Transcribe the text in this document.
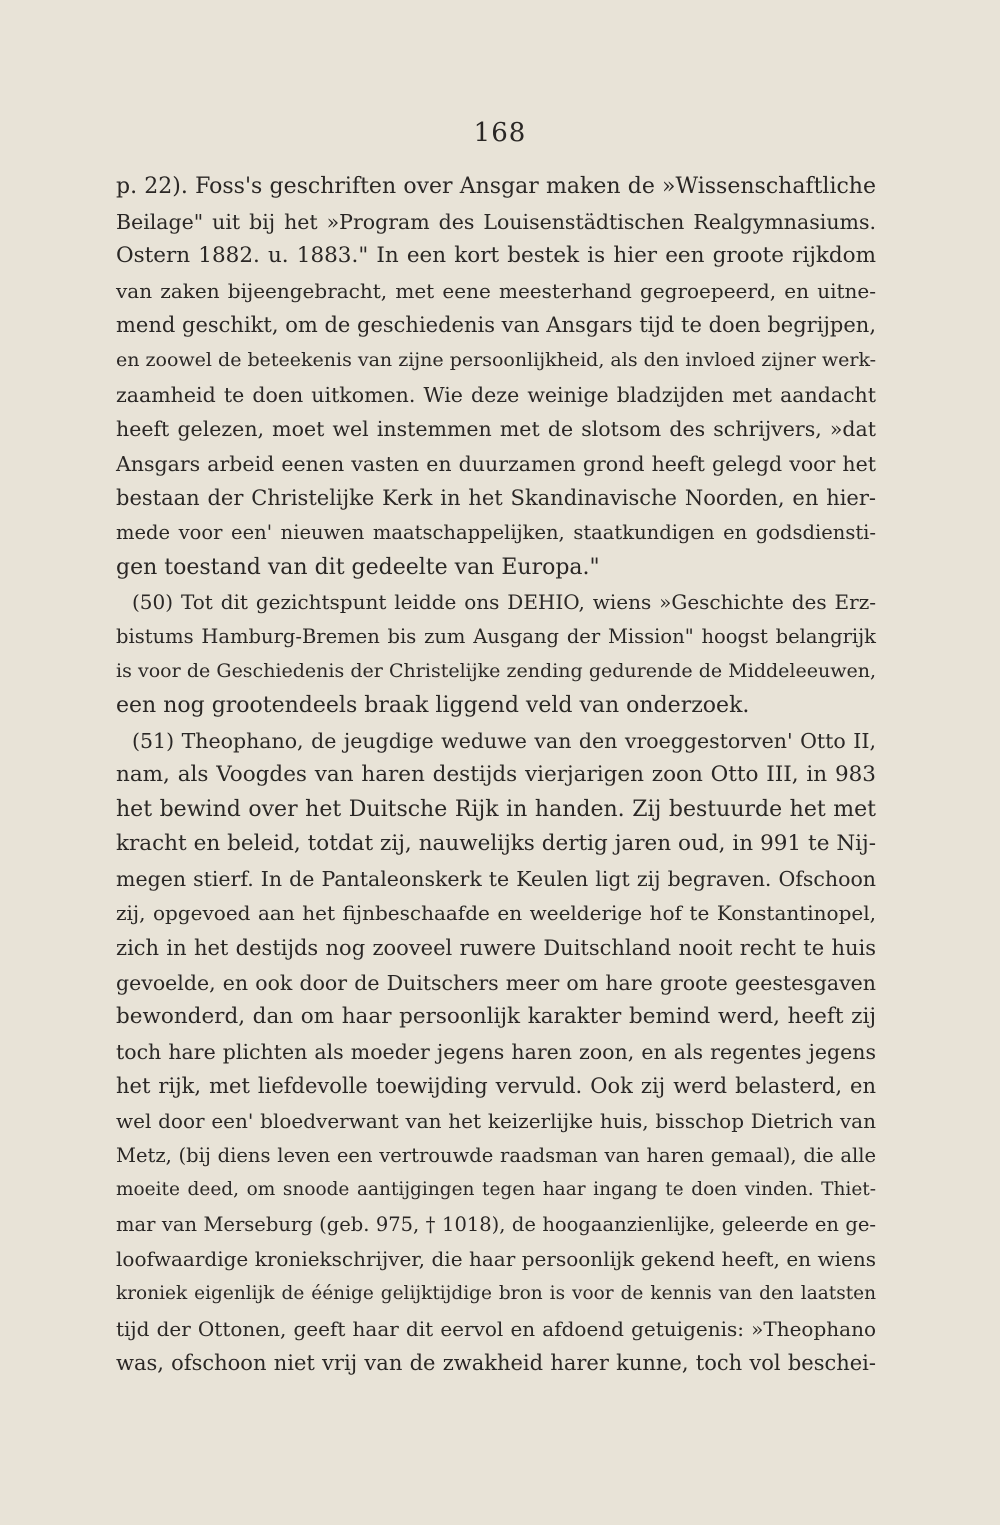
168
p. 22). Foss's geschriften over Ansgar maken de »Wissenschaftliche
Beilage" uit bij het »Program des Louisenstädtischen Realgymnasiums.
Ostern 1882. u. 1883." In een kort bestek is hier een groote rijkdom
van zaken bijeengebracht, met eene meesterhand gegroepeerd, en uitne-
mend geschikt, om de geschiedenis van Ansgars tijd te doen begrijpen,
en zoowel de beteekenis van zijne persoonlijkheid, als den invloed zijner werk-
zaamheid te doen uitkomen. Wie deze weinige bladzijden met aandacht
heeft gelezen, moet wel instemmen met de slotsom des schrijvers, »dat
Ansgars arbeid eenen vasten en duurzamen grond heeft gelegd voor het
bestaan der Christelijke Kerk in het Skandinavische Noorden, en hier-
mede voor een' nieuwen maatschappelijken, staatkundigen en godsdiensti-
gen toestand van dit gedeelte van Europa."
(50) Tot dit gezichtspunt leidde ons DEHIO, wiens »Geschichte des Erz-
bistums Hamburg-Bremen bis zum Ausgang der Mission" hoogst belangrijk
is voor de Geschiedenis der Christelijke zending gedurende de Middeleeuwen,
een nog grootendeels braak liggend veld van onderzoek.
(51) Theophano, de jeugdige weduwe van den vroeggestorven' Otto II,
nam, als Voogdes van haren destijds vierjarigen zoon Otto III, in 983
het bewind over het Duitsche Rijk in handen. Zij bestuurde het met
kracht en beleid, totdat zij, nauwelijks dertig jaren oud, in 991 te Nij-
megen stierf. In de Pantaleonskerk te Keulen ligt zij begraven. Ofschoon
zij, opgevoed aan het fijnbeschaafde en weelderige hof te Konstantinopel,
zich in het destijds nog zooveel ruwere Duitschland nooit recht te huis
gevoelde, en ook door de Duitschers meer om hare groote geestesgaven
bewonderd, dan om haar persoonlijk karakter bemind werd, heeft zij
toch hare plichten als moeder jegens haren zoon, en als regentes jegens
het rijk, met liefdevolle toewijding vervuld. Ook zij werd belasterd, en
wel door een' bloedverwant van het keizerlijke huis, bisschop Dietrich van
Metz, (bij diens leven een vertrouwde raadsman van haren gemaal), die alle
moeite deed, om snoode aantijgingen tegen haar ingang te doen vinden. Thiet-
mar van Merseburg (geb. 975, † 1018), de hoogaanzienlijke, geleerde en ge-
loofwaardige kroniekschrijver, die haar persoonlijk gekend heeft, en wiens
kroniek eigenlijk de éénige gelijktijdige bron is voor de kennis van den laatsten
tijd der Ottonen, geeft haar dit eervol en afdoend getuigenis: »Theophano
was, ofschoon niet vrij van de zwakheid harer kunne, toch vol beschei-
